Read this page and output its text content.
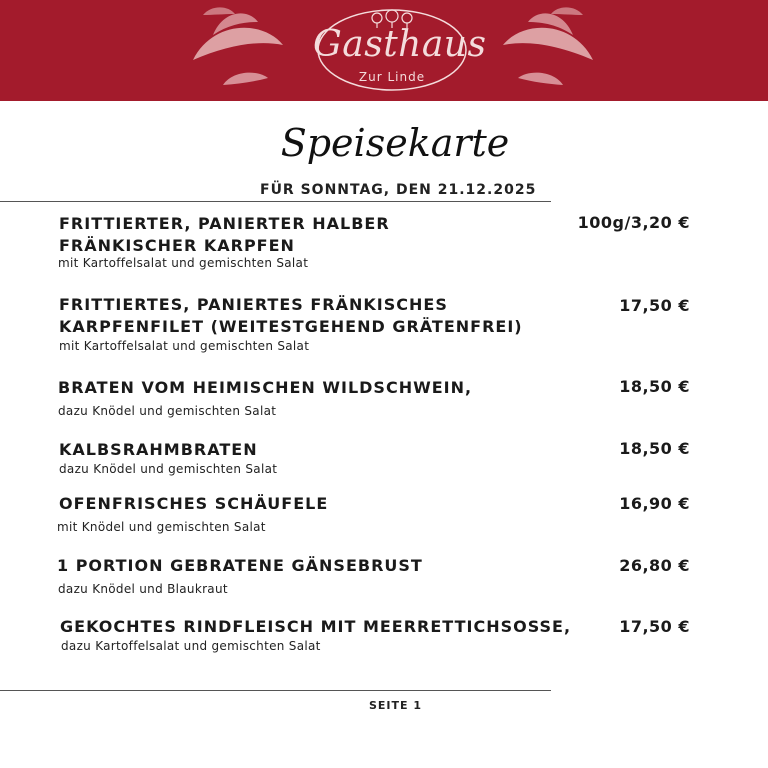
Gasthaus
Zur Linde
Speisekarte
FÜR SONNTAG, DEN 21.12.2025
FRITTIERTER, PANIERTER HALBER
FRÄNKISCHER KARPFEN
mit Kartoffelsalat und gemischten Salat
100g/3,20 €
FRITTIERTES, PANIERTES FRÄNKISCHES
KARPFENFILET (WEITESTGEHEND GRÄTENFREI)
mit Kartoffelsalat und gemischten Salat
17,50 €
BRATEN VOM HEIMISCHEN WILDSCHWEIN,
dazu Knödel und gemischten Salat
18,50 €
KALBSRAHMBRATEN
dazu Knödel und gemischten Salat
18,50 €
OFENFRISCHES SCHÄUFELE
mit Knödel und gemischten Salat
16,90 €
1 PORTION GEBRATENE GÄNSEBRUST
dazu Knödel und Blaukraut
26,80 €
GEKOCHTES RINDFLEISCH MIT MEERRETTICHSOSSE,
dazu Kartoffelsalat und gemischten Salat
17,50 €
SEITE 1
